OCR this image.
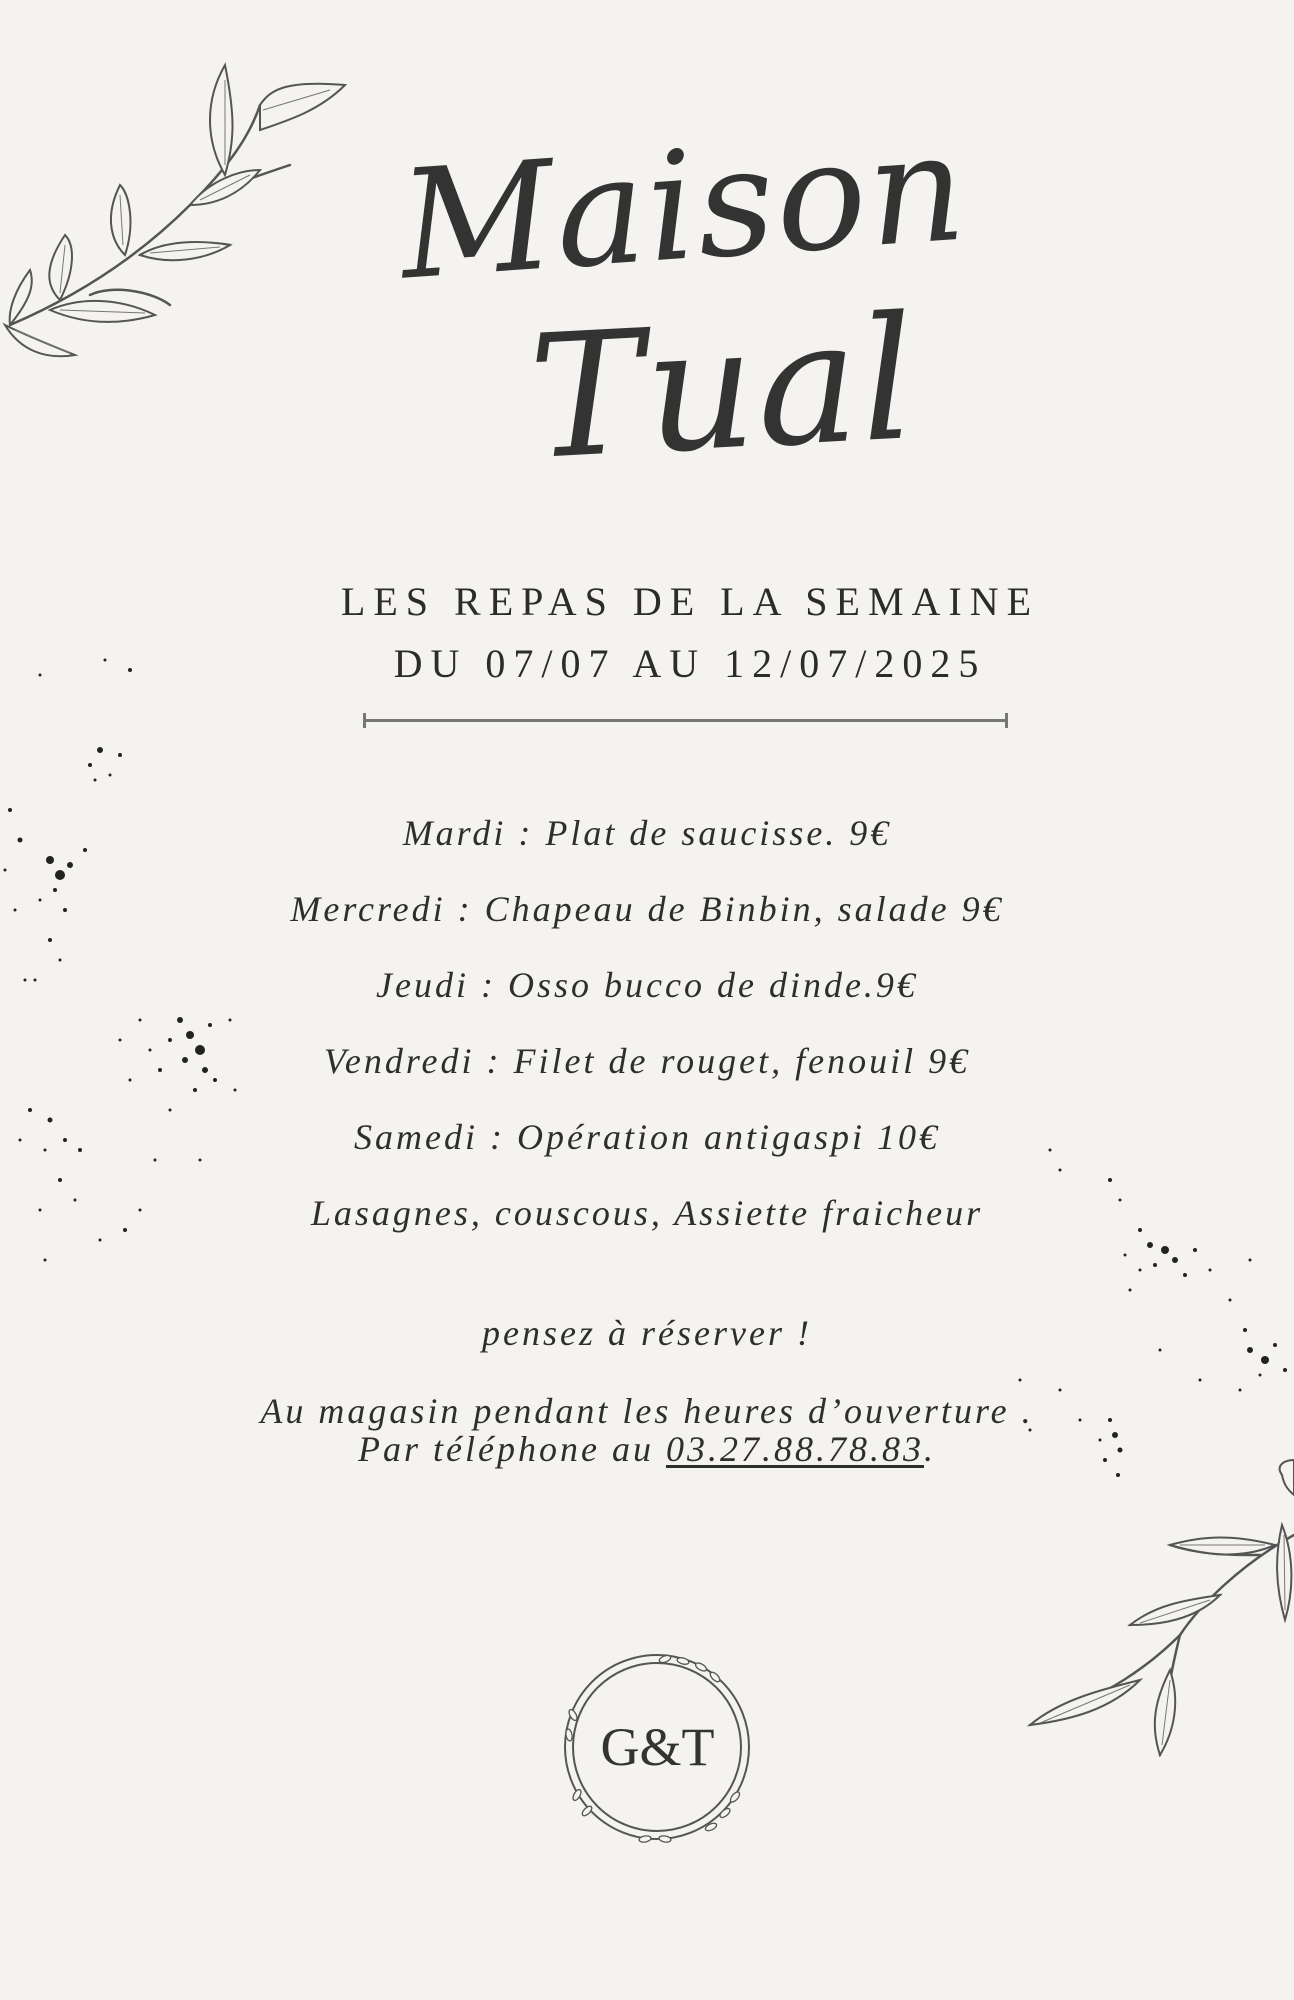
Maison
Tual
LES REPAS DE LA SEMAINE
DU 07/07 AU 12/07/2025
Mardi : Plat de saucisse. 9€
Mercredi : Chapeau de Binbin, salade 9€
Jeudi : Osso bucco de dinde.9€
Vendredi : Filet de rouget, fenouil 9€
Samedi : Opération antigaspi 10€
Lasagnes, couscous, Assiette fraicheur
pensez à réserver !
Au magasin pendant les heures d’ouverture .
Par téléphone au 03.27.88.78.83.
G&T
